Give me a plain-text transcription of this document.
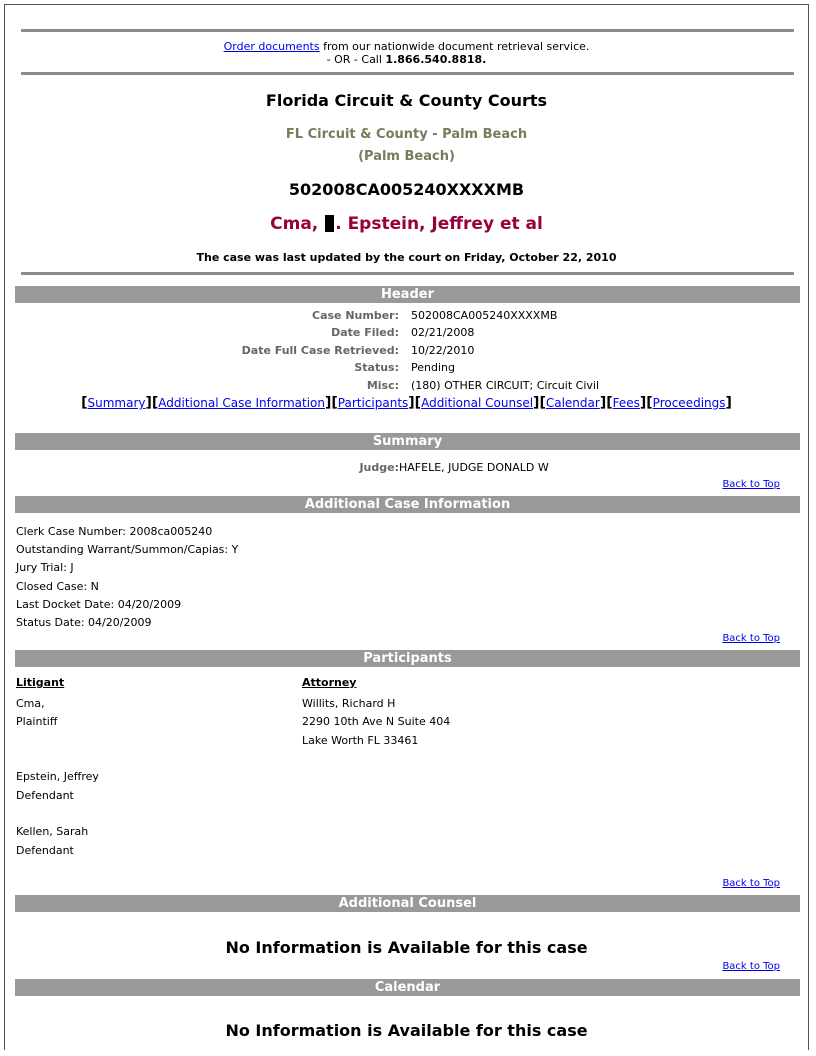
Order documents from our nationwide document retrieval service.
- OR - Call 1.866.540.8818.
Florida Circuit & County Courts
FL Circuit & County - Palm Beach
(Palm Beach)
502008CA005240XXXXMB
Cma, . Epstein, Jeffrey et al
The case was last updated by the court on Friday, October 22, 2010
Header
Case Number: 502008CA005240XXXXMB
Date Filed: 02/21/2008
Date Full Case Retrieved: 10/22/2010
Status: Pending
Misc: (180) OTHER CIRCUIT; Circuit Civil
[Summary][Additional Case Information][Participants][Additional Counsel][Calendar][Fees][Proceedings]
Summary
Judge: HAFELE, JUDGE DONALD W
Back to Top
Additional Case Information
Clerk Case Number: 2008ca005240
Outstanding Warrant/Summon/Capias: Y
Jury Trial: J
Closed Case: N
Last Docket Date: 04/20/2009
Status Date: 04/20/2009
Back to Top
Participants
Litigant	Attorney
Cma,
Plaintiff
Willits, Richard H
2290 10th Ave N Suite 404
Lake Worth FL 33461
Epstein, Jeffrey
Defendant
Kellen, Sarah
Defendant
Back to Top
Additional Counsel
No Information is Available for this case
Back to Top
Calendar
No Information is Available for this case
